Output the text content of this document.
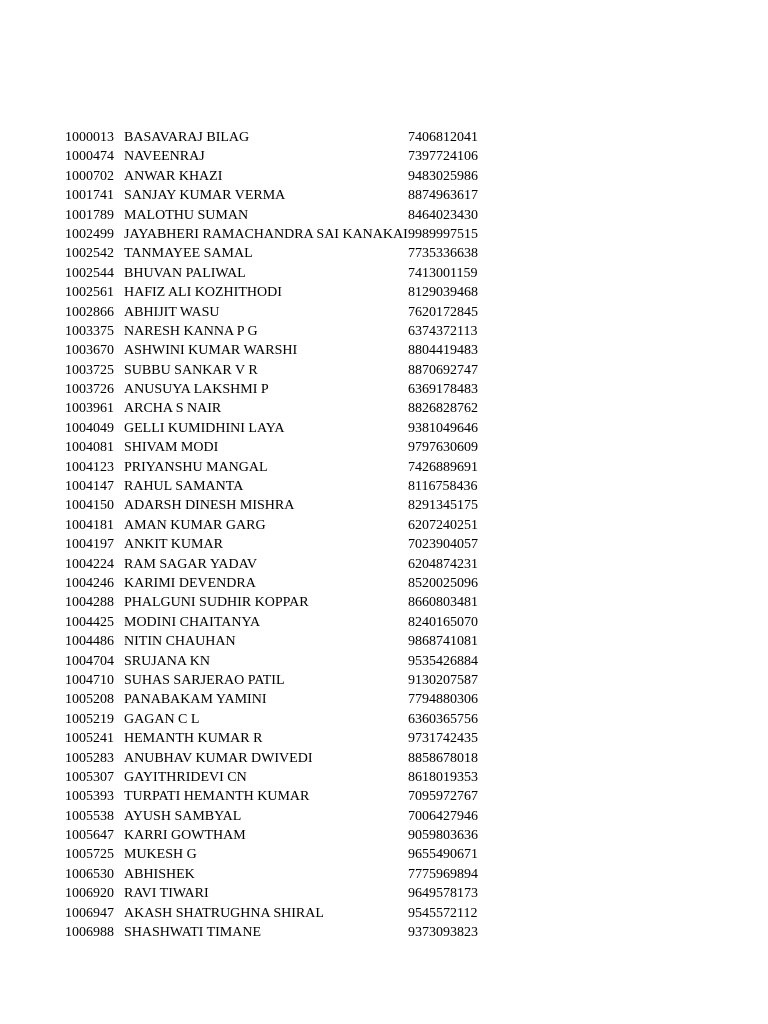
1000013 BASAVARAJ BILAG	7406812041
1000474 NAVEENRAJ	7397724106
1000702 ANWAR KHAZI	9483025986
1001741 SANJAY KUMAR VERMA	8874963617
1001789 MALOTHU SUMAN	8464023430
1002499 JAYABHERI RAMACHANDRA SAI KANAKAI 9989997515
1002542 TANMAYEE SAMAL	7735336638
1002544 BHUVAN PALIWAL	7413001159
1002561 HAFIZ ALI KOZHITHODI	8129039468
1002866 ABHIJIT WASU	7620172845
1003375 NARESH KANNA P G	6374372113
1003670 ASHWINI KUMAR WARSHI	8804419483
1003725 SUBBU SANKAR V R	8870692747
1003726 ANUSUYA LAKSHMI P	6369178483
1003961 ARCHA S NAIR	8826828762
1004049 GELLI KUMIDHINI LAYA	9381049646
1004081 SHIVAM MODI	9797630609
1004123 PRIYANSHU MANGAL	7426889691
1004147 RAHUL SAMANTA	8116758436
1004150 ADARSH DINESH MISHRA	8291345175
1004181 AMAN KUMAR GARG	6207240251
1004197 ANKIT KUMAR	7023904057
1004224 RAM SAGAR YADAV	6204874231
1004246 KARIMI DEVENDRA	8520025096
1004288 PHALGUNI SUDHIR KOPPAR	8660803481
1004425 MODINI CHAITANYA	8240165070
1004486 NITIN CHAUHAN	9868741081
1004704 SRUJANA KN	9535426884
1004710 SUHAS SARJERAO PATIL	9130207587
1005208 PANABAKAM YAMINI	7794880306
1005219 GAGAN C L	6360365756
1005241 HEMANTH KUMAR R	9731742435
1005283 ANUBHAV KUMAR DWIVEDI	8858678018
1005307 GAYITHRIDEVI CN	8618019353
1005393 TURPATI HEMANTH KUMAR	7095972767
1005538 AYUSH SAMBYAL	7006427946
1005647 KARRI GOWTHAM	9059803636
1005725 MUKESH G	9655490671
1006530 ABHISHEK	7775969894
1006920 RAVI TIWARI	9649578173
1006947 AKASH SHATRUGHNA SHIRAL	9545572112
1006988 SHASHWATI TIMANE	9373093823
